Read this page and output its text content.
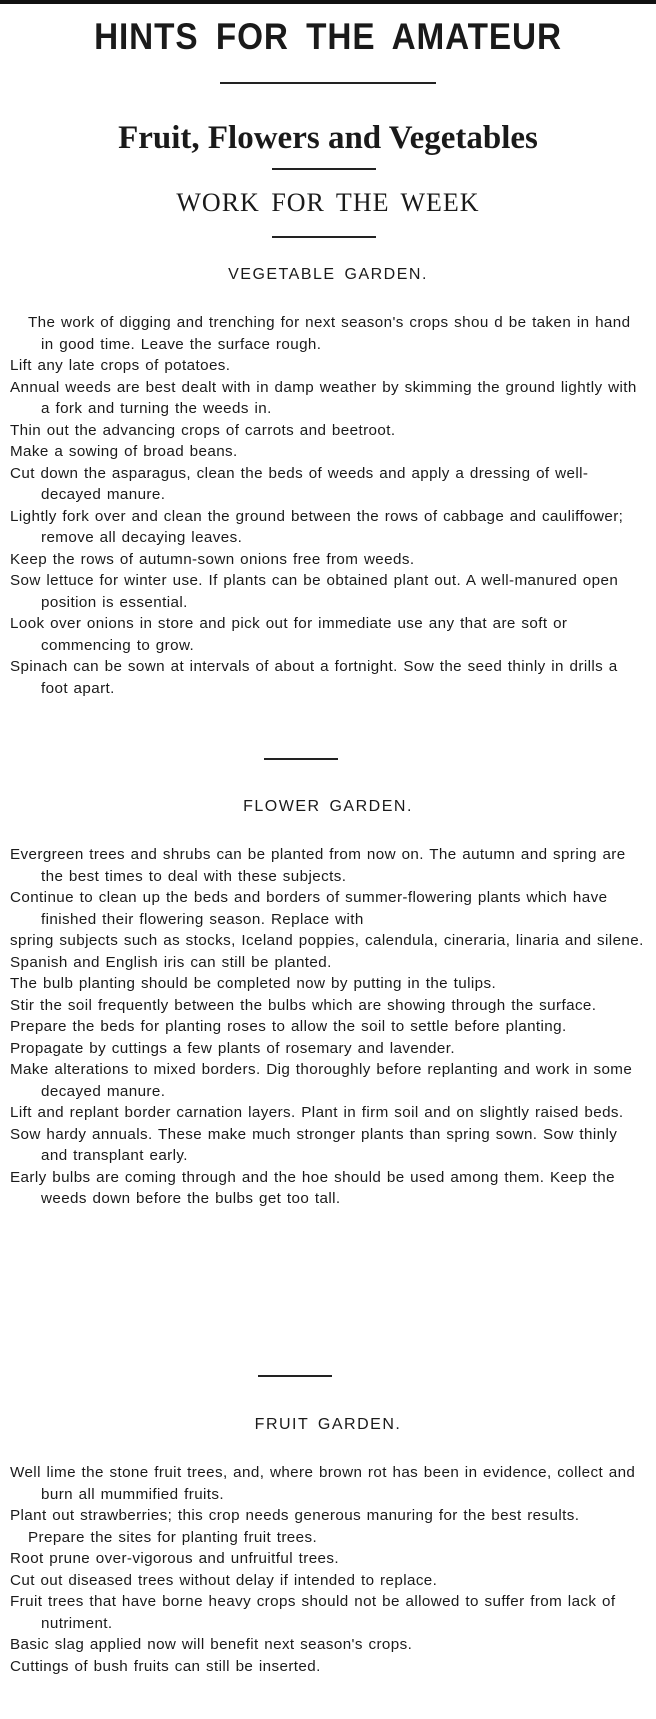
HINTS FOR THE AMATEUR
Fruit, Flowers and Vegetables
WORK FOR THE WEEK
VEGETABLE GARDEN.

The work of digging and trenching for next season's crops shou d be taken in hand in good time. Leave the surface rough.

Lift any late crops of potatoes.

Annual weeds are best dealt with in damp weather by skimming the ground lightly with a fork and turning the weeds in.

Thin out the advancing crops of carrots and beetroot.

Make a sowing of broad beans.

Cut down the asparagus, clean the beds of weeds and apply a dressing of well-decayed manure.

Lightly fork over and clean the ground between the rows of cabbage and cauliffower; remove all decaying leaves.

Keep the rows of autumn-sown onions free from weeds.

Sow lettuce for winter use. If plants can be obtained plant out. A well-manured open position is essential.

Look over onions in store and pick out for immediate use any that are soft or commencing to grow.

Spinach can be sown at intervals of about a fortnight. Sow the seed thinly in drills a foot apart.

FLOWER GARDEN.

Evergreen trees and shrubs can be planted from now on. The autumn and spring are the best times to deal with these subjects.

Continue to clean up the beds and borders of summer-flowering plants which have finished their flowering season. Replace with

spring subjects such as stocks, Iceland poppies, calendula, cineraria, linaria and silene.

Spanish and English iris can still be planted.

The bulb planting should be completed now by putting in the tulips.

Stir the soil frequently between the bulbs which are showing through the surface.

Prepare the beds for planting roses to allow the soil to settle before planting.

Propagate by cuttings a few plants of rosemary and lavender.

Make alterations to mixed borders. Dig thoroughly before replanting and work in some decayed manure.

Lift and replant border carnation layers. Plant in firm soil and on slightly raised beds.

Sow hardy annuals. These make much stronger plants than spring sown. Sow thinly and transplant early.

Early bulbs are coming through and the hoe should be used among them. Keep the weeds down before the bulbs get too tall.

FRUIT GARDEN.

Well lime the stone fruit trees, and, where brown rot has been in evidence, collect and burn all mummified fruits.

Plant out strawberries; this crop needs generous manuring for the best results.

Prepare the sites for planting fruit trees.

Root prune over-vigorous and unfruitful trees.

Cut out diseased trees without delay if intended to replace.

Fruit trees that have borne heavy crops should not be allowed to suffer from lack of nutriment.

Basic slag applied now will benefit next season's crops.

Cuttings of bush fruits can still be inserted.
